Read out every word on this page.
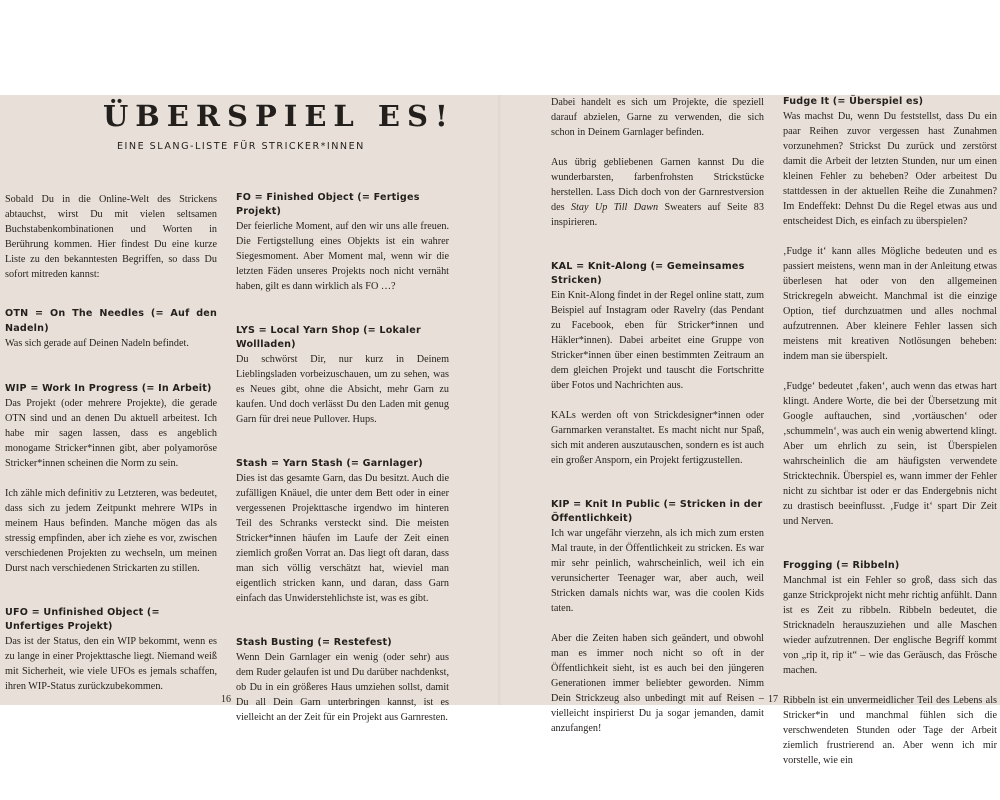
ÜBERSPIEL ES!
EINE SLANG-LISTE FÜR STRICKER*INNEN

Sobald Du in die Online-Welt des Strickens abtauchst, wirst Du mit vielen seltsamen Buchstabenkombinationen und Worten in Berührung kommen. Hier findest Du eine kurze Liste zu den bekanntesten Begriffen, so dass Du sofort mitreden kannst:

OTN = On The Needles (= Auf den Nadeln)

Was sich gerade auf Deinen Nadeln befindet.

WIP = Work In Progress (= In Arbeit)

Das Projekt (oder mehrere Projekte), die gerade OTN sind und an denen Du aktuell arbeitest. Ich habe mir sagen lassen, dass es angeblich monogame Stricker*innen gibt, aber polyamoröse Stricker*innen scheinen die Norm zu sein.

Ich zähle mich definitiv zu Letzteren, was bedeutet, dass sich zu jedem Zeitpunkt mehrere WIPs in meinem Haus befinden. Manche mögen das als stressig empfinden, aber ich ziehe es vor, zwischen verschiedenen Projekten zu wechseln, um meinen Durst nach verschiedenen Strickarten zu stillen.

UFO = Unfinished Object (= Unfertiges Projekt)

Das ist der Status, den ein WIP bekommt, wenn es zu lange in einer Projekttasche liegt. Niemand weiß mit Sicherheit, wie viele UFOs es jemals schaffen, ihren WIP-Status zurückzubekommen.

FO = Finished Object (= Fertiges Projekt)

Der feierliche Moment, auf den wir uns alle freuen. Die Fertigstellung eines Objekts ist ein wahrer Siegesmoment. Aber Moment mal, wenn wir die letzten Fäden unseres Projekts noch nicht vernäht haben, gilt es dann wirklich als FO …?

LYS = Local Yarn Shop (= Lokaler Wollladen)

Du schwörst Dir, nur kurz in Deinem Lieblingsladen vorbeizuschauen, um zu sehen, was es Neues gibt, ohne die Absicht, mehr Garn zu kaufen. Und doch verlässt Du den Laden mit genug Garn für drei neue Pullover. Hups.

Stash = Yarn Stash (= Garnlager)

Dies ist das gesamte Garn, das Du besitzt. Auch die zufälligen Knäuel, die unter dem Bett oder in einer vergessenen Projekttasche irgendwo im hinteren Teil des Schranks versteckt sind. Die meisten Stricker*innen häufen im Laufe der Zeit einen ziemlich großen Vorrat an. Das liegt oft daran, dass man sich völlig verschätzt hat, wieviel man eigentlich stricken kann, und daran, dass Garn einfach das Unwiderstehlichste ist, was es gibt.

Stash Busting (= Restefest)

Wenn Dein Garnlager ein wenig (oder sehr) aus dem Ruder gelaufen ist und Du darüber nachdenkst, ob Du in ein größeres Haus umziehen sollst, damit Du all Dein Garn unterbringen kannst, ist es vielleicht an der Zeit für ein Projekt aus Garnresten.

16

Dabei handelt es sich um Projekte, die speziell darauf abzielen, Garne zu verwenden, die sich schon in Deinem Garnlager befinden.

Aus übrig gebliebenen Garnen kannst Du die wunderbarsten, farbenfrohsten Strickstücke herstellen. Lass Dich doch von der Garnrestversion des Stay Up Till Dawn Sweaters auf Seite 83 inspirieren.

KAL = Knit-Along (= Gemeinsames Stricken)

Ein Knit-Along findet in der Regel online statt, zum Beispiel auf Instagram oder Ravelry (das Pendant zu Facebook, eben für Stricker*innen und Häkler*innen). Dabei arbeitet eine Gruppe von Stricker*innen über einen bestimmten Zeitraum an dem gleichen Projekt und tauscht die Fortschritte über Fotos und Nachrichten aus.

KALs werden oft von Strickdesigner*innen oder Garnmarken veranstaltet. Es macht nicht nur Spaß, sich mit anderen auszutauschen, sondern es ist auch ein großer Ansporn, ein Projekt fertigzustellen.

KIP = Knit In Public (= Stricken in der Öffentlichkeit)

Ich war ungefähr vierzehn, als ich mich zum ersten Mal traute, in der Öffentlichkeit zu stricken. Es war mir sehr peinlich, wahrscheinlich, weil ich ein verunsicherter Teenager war, aber auch, weil Stricken damals nichts war, was die coolen Kids taten.

Aber die Zeiten haben sich geändert, und obwohl man es immer noch nicht so oft in der Öffentlichkeit sieht, ist es auch bei den jüngeren Generationen immer beliebter geworden. Nimm Dein Strickzeug also unbedingt mit auf Reisen – vielleicht inspirierst Du ja sogar jemanden, damit anzufangen!

Fudge It (= Überspiel es)

Was machst Du, wenn Du feststellst, dass Du ein paar Reihen zuvor vergessen hast Zunahmen vorzunehmen? Strickst Du zurück und zerstörst damit die Arbeit der letzten Stunden, nur um einen kleinen Fehler zu beheben? Oder arbeitest Du stattdessen in der aktuellen Reihe die Zunahmen? Im Endeffekt: Dehnst Du die Regel etwas aus und entscheidest Dich, es einfach zu überspielen?

‚Fudge it‘ kann alles Mögliche bedeuten und es passiert meistens, wenn man in der Anleitung etwas überlesen hat oder von den allgemeinen Strickregeln abweicht. Manchmal ist die einzige Option, tief durchzuatmen und alles nochmal aufzutrennen. Aber kleinere Fehler lassen sich meistens mit kreativen Notlösungen beheben: indem man sie überspielt.

‚Fudge‘ bedeutet ‚faken‘, auch wenn das etwas hart klingt. Andere Worte, die bei der Übersetzung mit Google auftauchen, sind ‚vortäuschen‘ oder ‚schummeln‘, was auch ein wenig abwertend klingt. Aber um ehrlich zu sein, ist Überspielen wahrscheinlich die am häufigsten verwendete Stricktechnik. Überspiel es, wann immer der Fehler nicht zu sichtbar ist oder er das Endergebnis nicht zu drastisch beeinflusst. ‚Fudge it‘ spart Dir Zeit und Nerven.

Frogging (= Ribbeln)

Manchmal ist ein Fehler so groß, dass sich das ganze Strickprojekt nicht mehr richtig anfühlt. Dann ist es Zeit zu ribbeln. Ribbeln bedeutet, die Stricknadeln herauszuziehen und alle Maschen wieder aufzutrennen. Der englische Begriff kommt von „rip it, rip it“ – wie das Geräusch, das Frösche machen.

Ribbeln ist ein unvermeidlicher Teil des Lebens als Stricker*in und manchmal fühlen sich die verschwendeten Stunden oder Tage der Arbeit ziemlich frustrierend an. Aber wenn ich mir vorstelle, wie ein

17
